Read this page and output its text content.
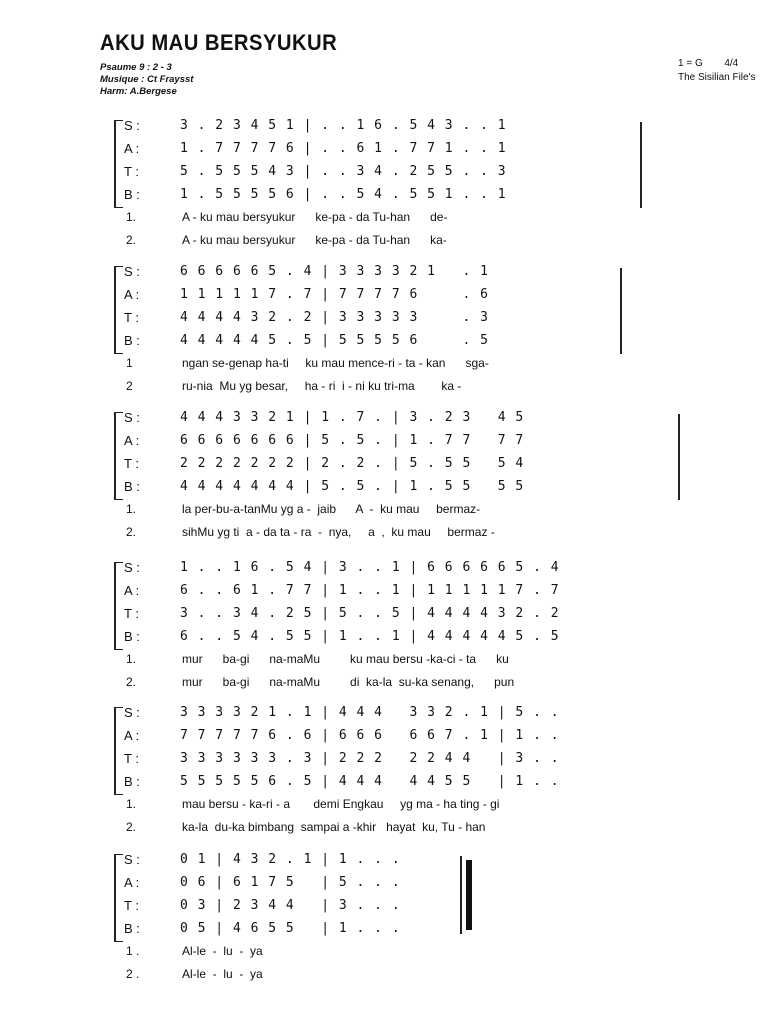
AKU MAU BERSYUKUR
Psaume 9 : 2 - 3
Musique : Ct Fraysst
Harm: A.Bergese
1 = G 4/4
The Sisilian File's
S :	3 . 2 3 4 5 1 | . . 1 6 . 5 4 3 . . 1
A :	1 . 7 7 7 7 6 | . . 6 1 . 7 7 1 . . 1
T :	5 . 5 5 5 4 3 | . . 3 4 . 2 5 5 . . 3
B :	1 . 5 5 5 5 6 | . . 5 4 . 5 5 1 . . 1
1.	A - ku mau bersyukur      ke-pa - da Tu-han      de-
2.	A - ku mau bersyukur      ke-pa - da Tu-han      ka-
S :	6 6 6 6 6 5 . 4 | 3 3 3 3 2 1   . 1
A :	1 1 1 1 1 7 . 7 | 7 7 7 7 6     . 6
T :	4 4 4 4 3 2 . 2 | 3 3 3 3 3     . 3
B :	4 4 4 4 4 5 . 5 | 5 5 5 5 6     . 5
1	ngan se-genap ha-ti     ku mau mence-ri - ta - kan      sga-
2	ru-nia  Mu yg besar,     ha - ri  i - ni ku tri-ma        ka -
S :	4 4 4 3 3 2 1 | 1 . 7 . | 3 . 2 3   4 5
A :	6 6 6 6 6 6 6 | 5 . 5 . | 1 . 7 7   7 7
T :	2 2 2 2 2 2 2 | 2 . 2 . | 5 . 5 5   5 4
B :	4 4 4 4 4 4 4 | 5 . 5 . | 1 . 5 5   5 5
1.	la per-bu-a-tanMu yg a -  jaib      A  -  ku mau     bermaz-
2.	sihMu yg ti  a - da ta - ra  -  nya,     a  ,  ku mau     bermaz -
S :	1 . . 1 6 . 5 4 | 3 . . 1 | 6 6 6 6 6 5 . 4
A :	6 . . 6 1 . 7 7 | 1 . . 1 | 1 1 1 1 1 7 . 7
T :	3 . . 3 4 . 2 5 | 5 . . 5 | 4 4 4 4 3 2 . 2
B :	6 . . 5 4 . 5 5 | 1 . . 1 | 4 4 4 4 4 5 . 5
1.	mur      ba-gi      na-maMu         ku mau bersu -ka-ci - ta      ku
2.	mur      ba-gi      na-maMu         di  ka-la  su-ka senang,      pun
S :	3 3 3 3 2 1 . 1 | 4 4 4   3 3 2 . 1 | 5 . .
A :	7 7 7 7 7 6 . 6 | 6 6 6   6 6 7 . 1 | 1 . .
T :	3 3 3 3 3 3 . 3 | 2 2 2   2 2 4 4   | 3 . .
B :	5 5 5 5 5 6 . 5 | 4 4 4   4 4 5 5   | 1 . .
1.	mau bersu - ka-ri - a       demi Engkau     yg ma - ha ting - gi
2.	ka-la  du-ka bimbang  sampai a -khir   hayat  ku, Tu - han
S :	0 1 | 4 3 2 . 1 | 1 . . .
A :	0 6 | 6 1 7 5   | 5 . . .
T :	0 3 | 2 3 4 4   | 3 . . .
B :	0 5 | 4 6 5 5   | 1 . . .
1 .	Al-le  -  lu  -  ya
2 .	Al-le  -  lu  -  ya
